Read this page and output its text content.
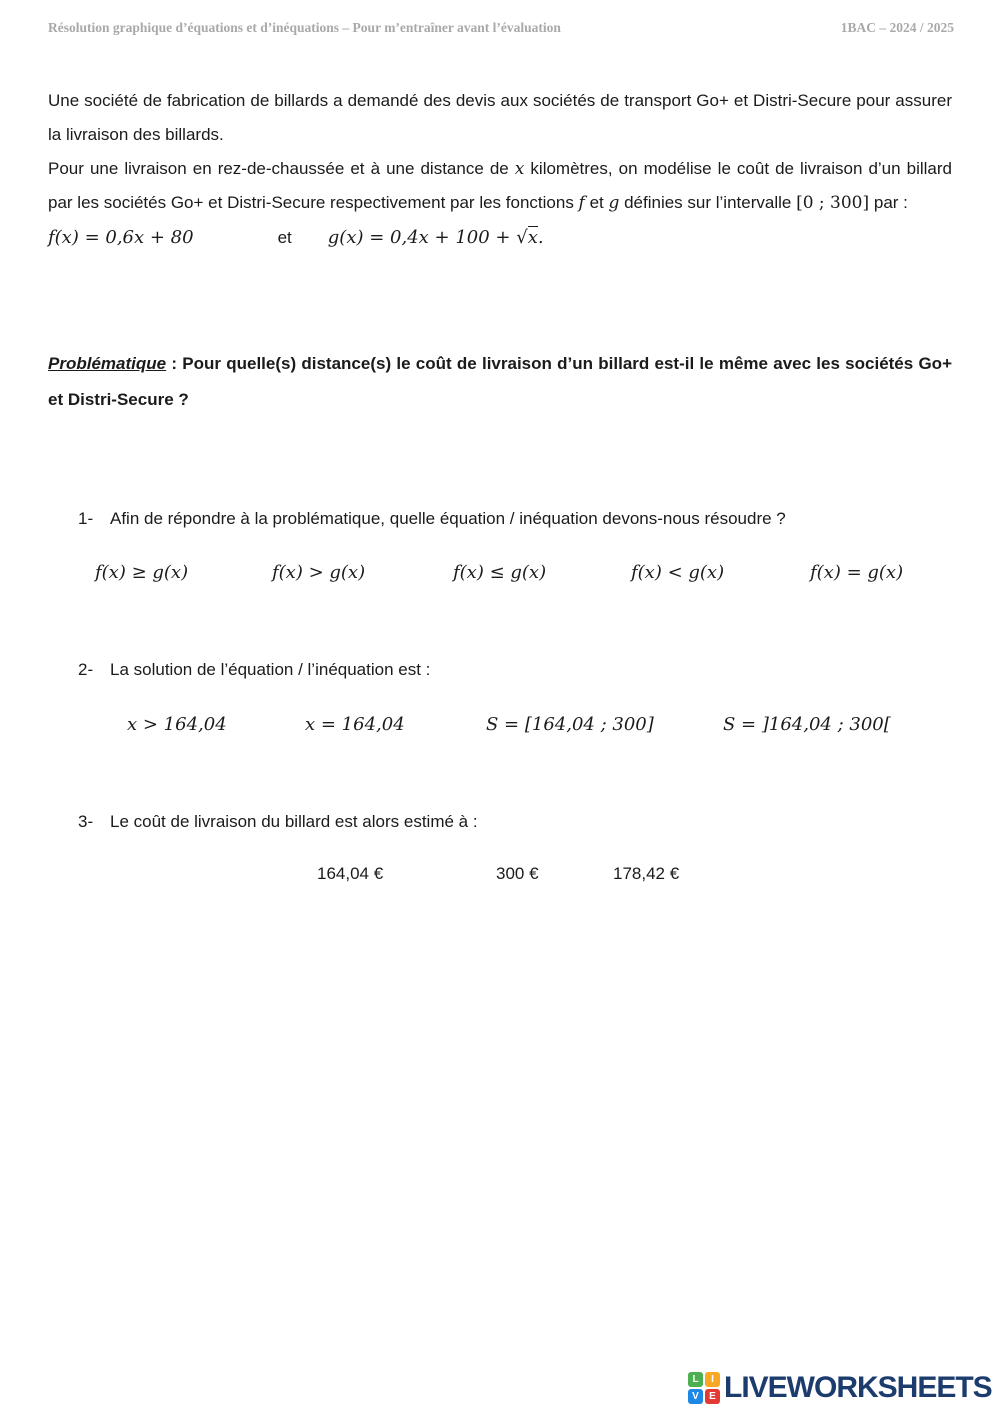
Résolution graphique d’équations et d’inéquations – Pour m’entraîner avant l’évaluation	1BAC – 2024 / 2025

Une société de fabrication de billards a demandé des devis aux sociétés de transport Go+ et Distri-Secure pour assurer la livraison des billards.

Pour une livraison en rez-de-chaussée et à une distance de x kilomètres, on modélise le coût de livraison d’un billard par les sociétés Go+ et Distri-Secure respectivement par les fonctions f et g définies sur l’intervalle [0 ; 300] par :

f(x) = 0,6x + 80	et g(x) = 0,4x + 100 + √x.
Problématique : Pour quelle(s) distance(s) le coût de livraison d’un billard est-il le même avec les sociétés Go+ et Distri-Secure ?
1- Afin de répondre à la problématique, quelle équation / inéquation devons-nous résoudre ?
f(x) ≥ g(x)	f(x) > g(x)	f(x) ≤ g(x)	f(x) < g(x)	f(x) = g(x)
2- La solution de l’équation / l’inéquation est :
x > 164,04	x = 164,04	S = [164,04 ; 300]	S = ]164,04 ; 300[
3- Le coût de livraison du billard est alors estimé à :
164,04 €	300 €	178,42 €
L	I
V	E LIVEWORKSHEETS
